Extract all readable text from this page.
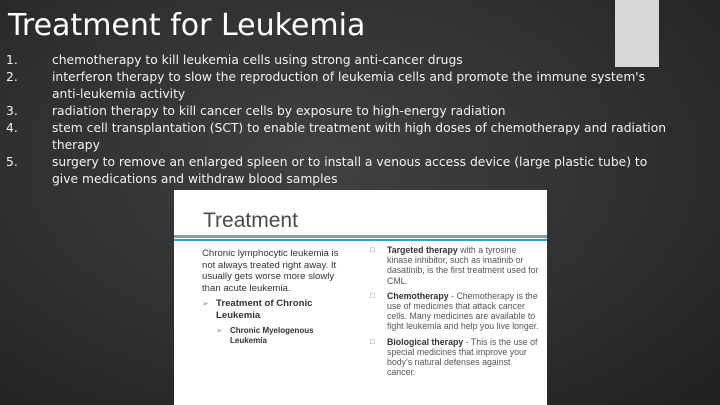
Treatment for Leukemia
1.	chemotherapy to kill leukemia cells using strong anti-cancer drugs
2.	interferon therapy to slow the reproduction of leukemia cells and promote the immune system's anti-leukemia activity
3.	radiation therapy to kill cancer cells by exposure to high-energy radiation
4.	stem cell transplantation (SCT) to enable treatment with high doses of chemotherapy and radiation therapy
5.	surgery to remove an enlarged spleen or to install a venous access device (large plastic tube) to give medications and withdraw blood samples
Treatment
Chronic lymphocytic leukemia is not always treated right away. It usually gets worse more slowly than acute leukemia.
➢ Treatment of Chronic Leukemia
➢ Chronic Myelogenous Leukemia
□ Targeted therapy with a tyrosine kinase inhibitor, such as imatinib or dasatinib, is the first treatment used for CML.
□ Chemotherapy - Chemotherapy is the use of medicines that attack cancer cells. Many medicines are available to fight leukemia and help you live longer.
□ Biological therapy - This is the use of special medicines that improve your body's natural defenses against cancer.
